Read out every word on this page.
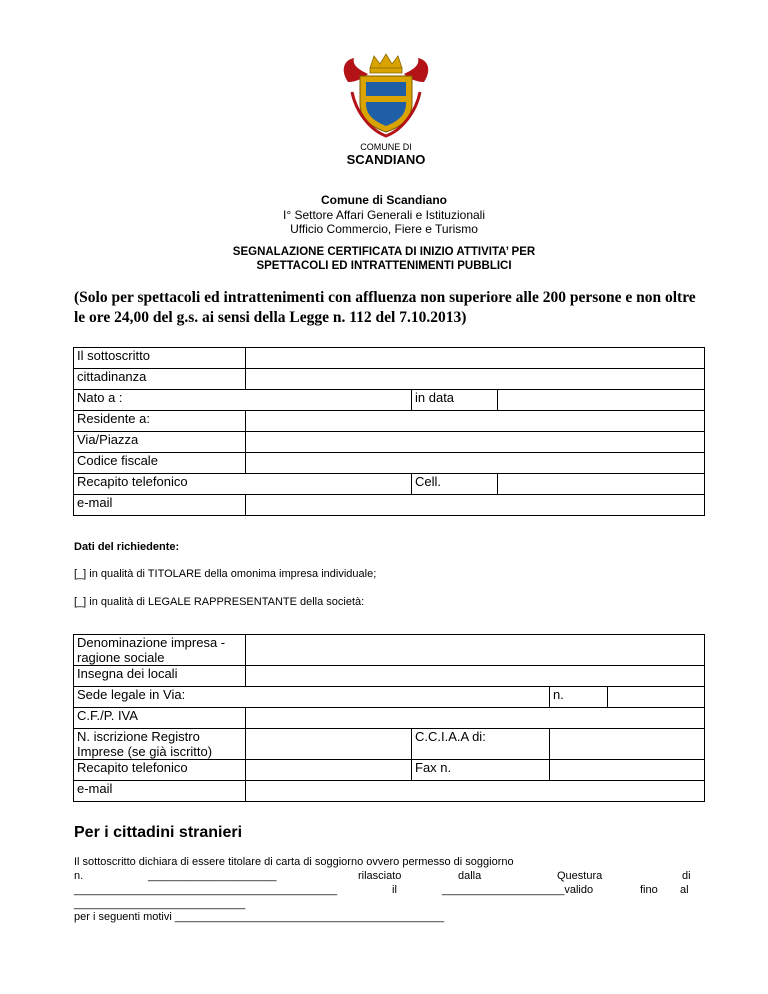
COMUNE DI
SCANDIANO
Comune di Scandiano
I° Settore Affari Generali e Istituzionali
Ufficio Commercio, Fiere e Turismo
SEGNALAZIONE CERTIFICATA DI INIZIO ATTIVITA’ PER
SPETTACOLI ED INTRATTENIMENTI PUBBLICI
(Solo per spettacoli ed intrattenimenti con affluenza non superiore alle 200 persone e non oltre le ore 24,00 del g.s. ai sensi della Legge n. 112 del 7.10.2013)
Il sottoscritto			
cittadinanza			
Nato a :		in data	
Residente a:			
Via/Piazza			
Codice fiscale			
Recapito telefonico		Cell.	
e-mail			
Dati del richiedente:
[_] in qualità di TITOLARE della omonima impresa individuale;
[_] in qualità di LEGALE RAPPRESENTANTE della società:
Denominazione impresa - ragione sociale				
Insegna dei locali				
Sede legale in Via:			n.	
C.F./P. IVA				
N. iscrizione Registro Imprese (se già iscritto)		C.C.I.A.A di:		
Recapito telefonico		Fax n.		
e-mail				
Per i cittadini stranieri
Il sottoscritto dichiara di essere titolare di carta di soggiorno ovvero permesso di soggiorno
n.	_____________________	rilasciato	dalla	Questura	di
___________________________________________	il	____________________valido	fino al
____________________________
per i seguenti motivi ____________________________________________
